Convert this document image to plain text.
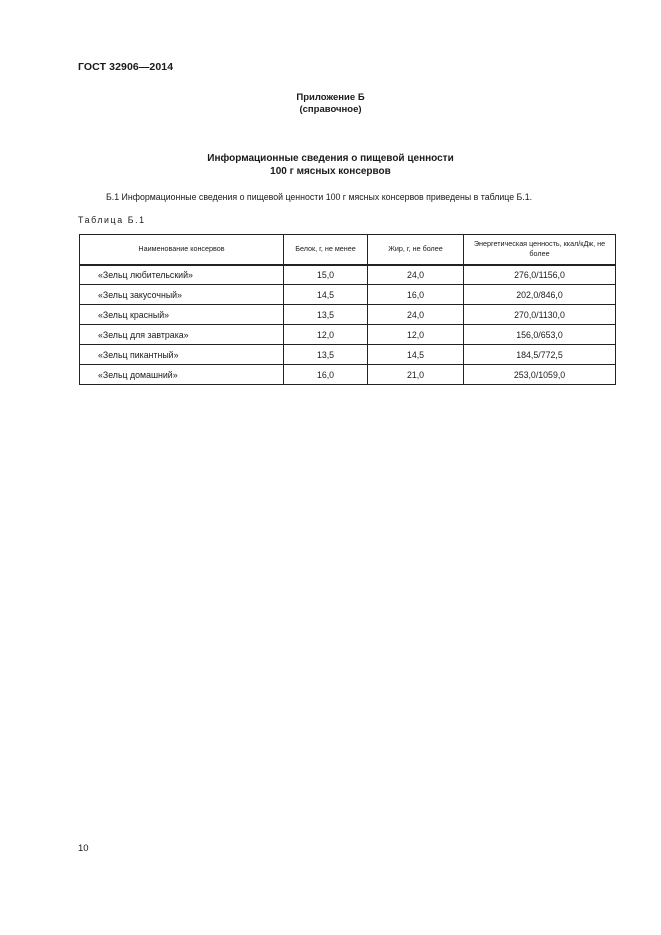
ГОСТ 32906—2014
Приложение Б
(справочное)
Информационные сведения о пищевой ценности
100 г мясных консервов
Б.1 Информационные сведения о пищевой ценности 100 г мясных консервов приведены в таблице Б.1.
Таблица Б.1
Наименование консервов	Белок, г, не менее	Жир, г, не более	Энергетическая ценность, ккал/кДж, не более
«Зельц любительский»	15,0	24,0	276,0/1156,0
«Зельц закусочный»	14,5	16,0	202,0/846,0
«Зельц красный»	13,5	24,0	270,0/1130,0
«Зельц для завтрака»	12,0	12,0	156,0/653,0
«Зельц пикантный»	13,5	14,5	184,5/772,5
«Зельц домашний»	16,0	21,0	253,0/1059,0
10
